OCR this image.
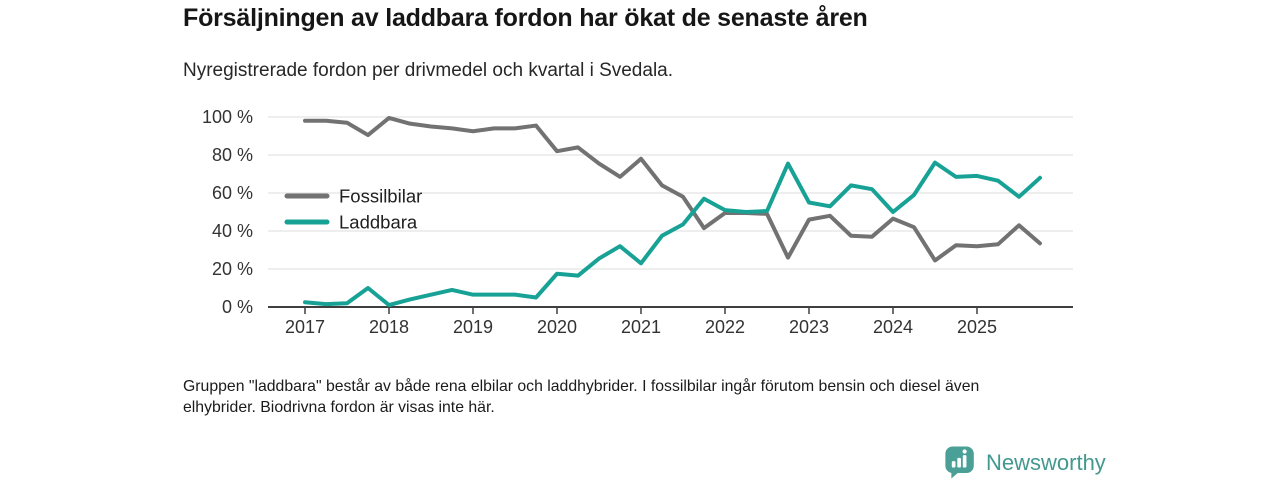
Försäljningen av laddbara fordon har ökat de senaste åren
Nyregistrerade fordon per drivmedel och kvartal i Svedala.
0 %
20 %
40 %
60 %
80 %
100 %
2017 2018 2019 2020 2021 2022 2023 2024 2025
Fossilbilar
Laddbara
Gruppen "laddbara" består av både rena elbilar och laddhybrider. I fossilbilar ingår förutom bensin och diesel även elhybrider. Biodrivna fordon är visas inte här.
Newsworthy
